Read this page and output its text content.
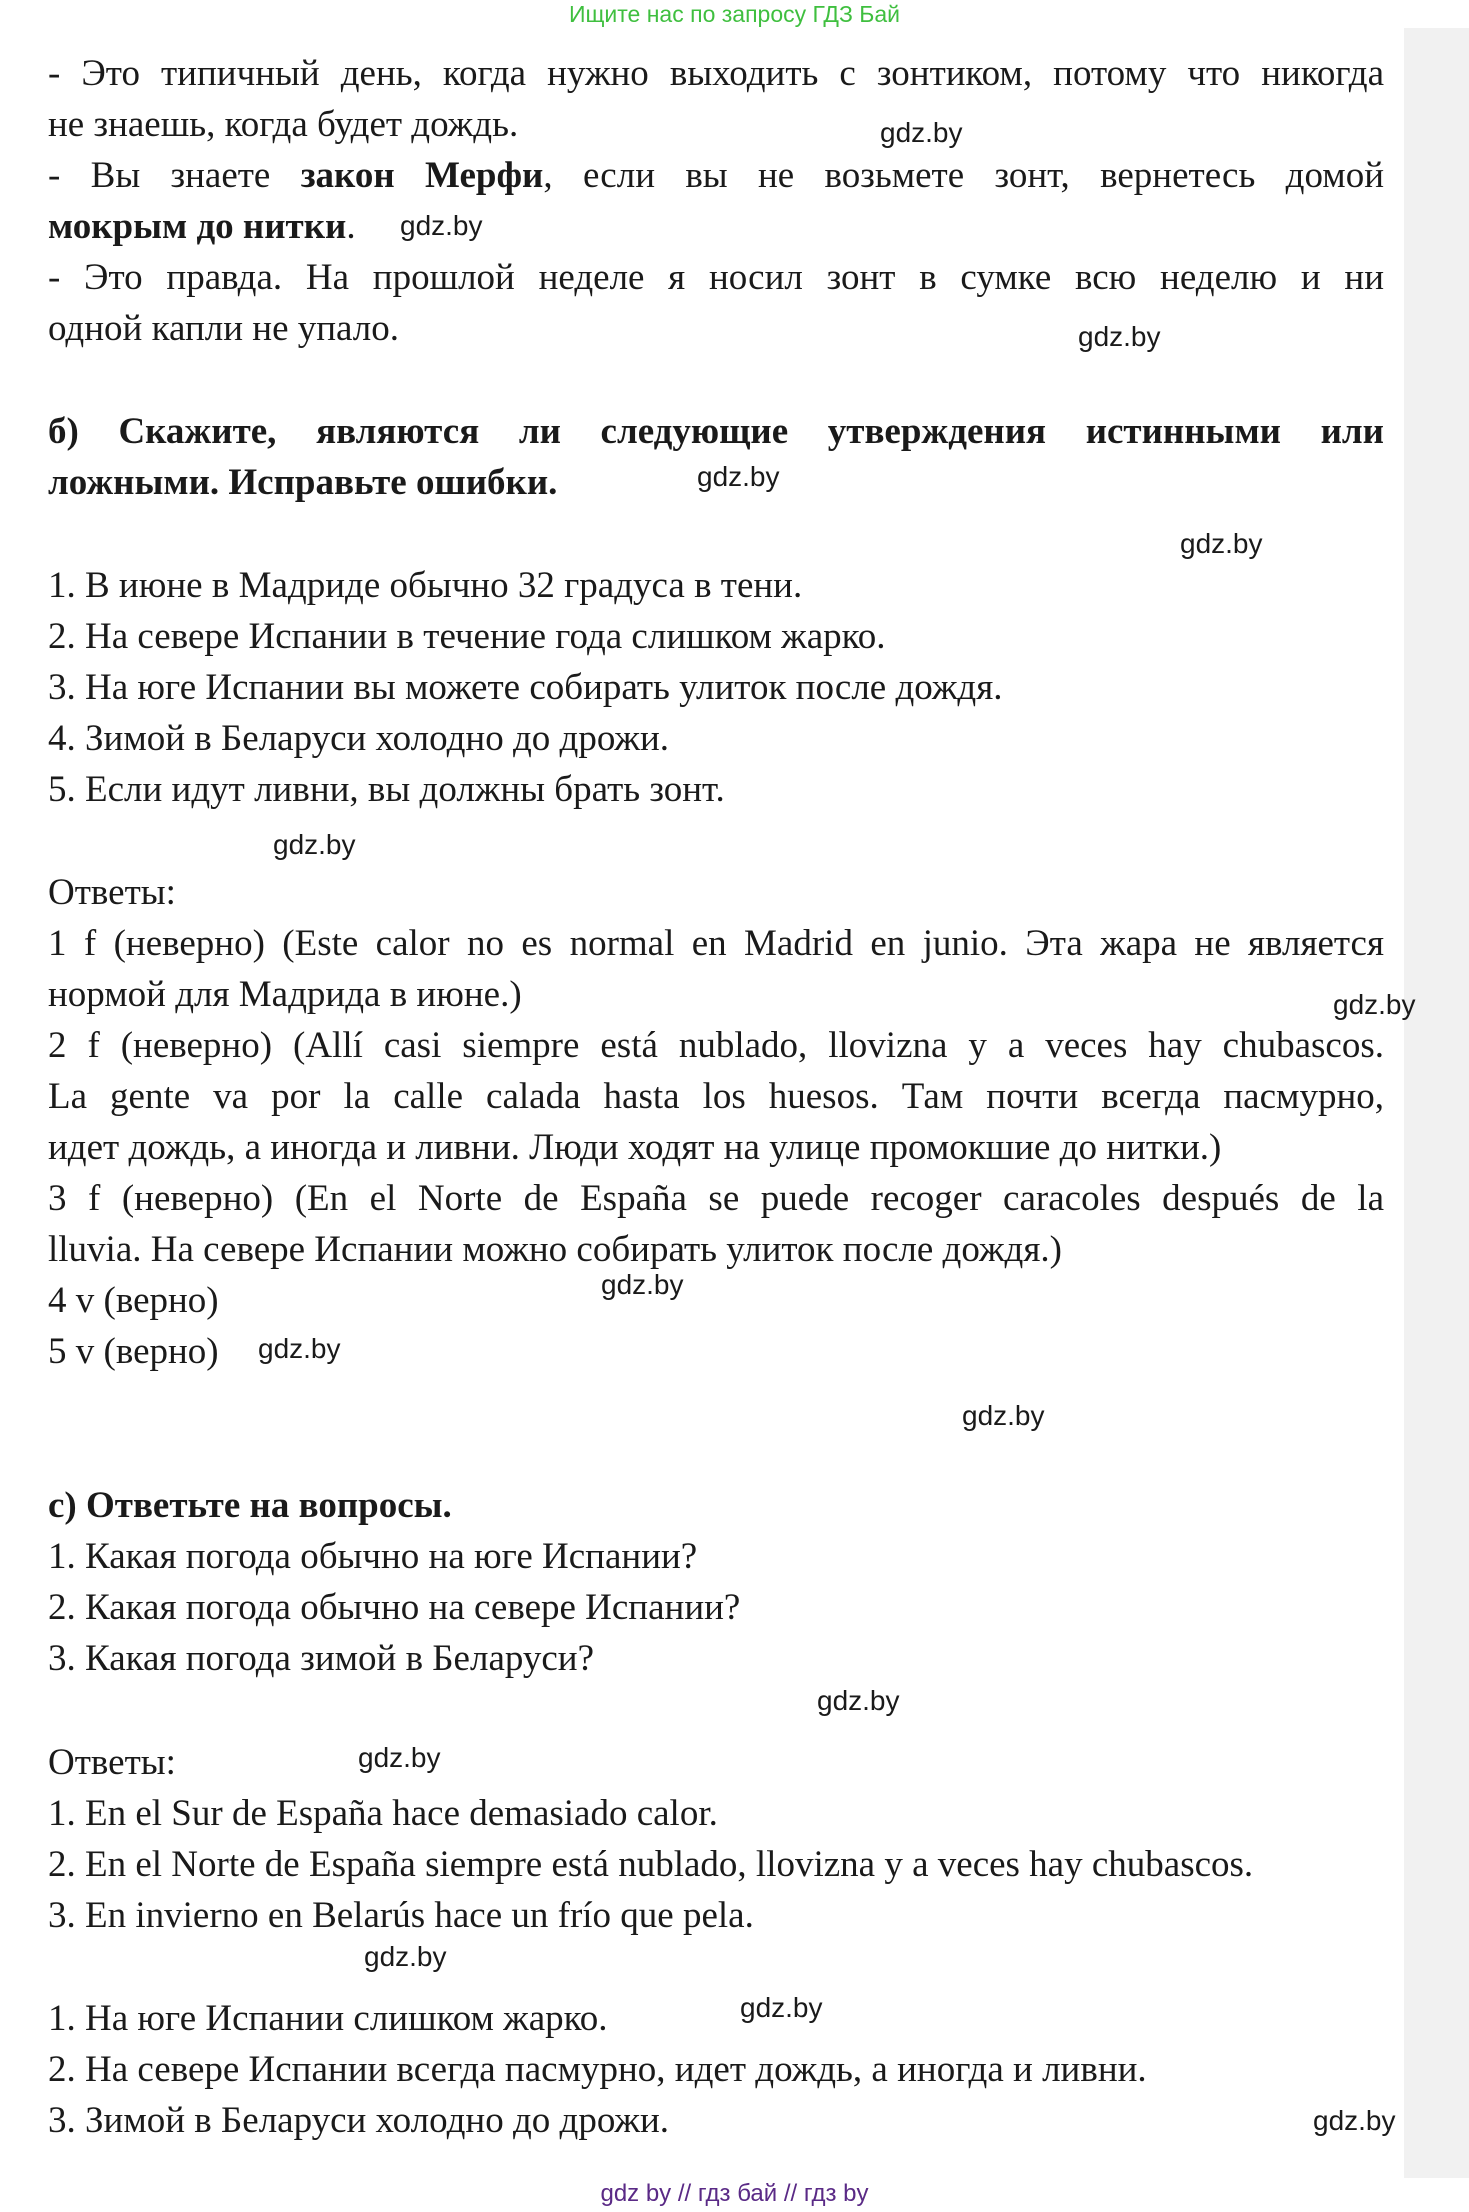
Ищите нас по запросу ГДЗ Бай
- Это типичный день, когда нужно выходить с зонтиком, потому что никогда
не знаешь, когда будет дождь.
- Вы знаете закон Мерфи, если вы не возьмете зонт, вернетесь домой
мокрым до нитки.
- Это правда. На прошлой неделе я носил зонт в сумке всю неделю и ни
одной капли не упало.
б) Скажите, являются ли следующие утверждения истинными или
ложными. Исправьте ошибки.
1. В июне в Мадриде обычно 32 градуса в тени.
2. На севере Испании в течение года слишком жарко.
3. На юге Испании вы можете собирать улиток после дождя.
4. Зимой в Беларуси холодно до дрожи.
5. Если идут ливни, вы должны брать зонт.
Ответы:
1 f (неверно) (Este calor no es normal en Madrid en junio. Эта жара не является
нормой для Мадрида в июне.)
2 f (неверно) (Allí casi siempre está nublado, llovizna y a veces hay chubascos.
La gente va por la calle calada hasta los huesos. Там почти всегда пасмурно,
идет дождь, а иногда и ливни. Люди ходят на улице промокшие до нитки.)
3 f (неверно) (En el Norte de España se puede recoger caracoles después de la
lluvia. На севере Испании можно собирать улиток после дождя.)
4 v (верно)
5 v (верно)
с) Ответьте на вопросы.
1. Какая погода обычно на юге Испании?
2. Какая погода обычно на севере Испании?
3. Какая погода зимой в Беларуси?
Ответы:
1. En el Sur de España hace demasiado calor.
2. En el Norte de España siempre está nublado, llovizna y a veces hay chubascos.
3. En invierno en Belarús hace un frío que pela.
1. На юге Испании слишком жарко.
2. На севере Испании всегда пасмурно, идет дождь, а иногда и ливни.
3. Зимой в Беларуси холодно до дрожи.
gdz.by
gdz.by
gdz.by
gdz.by
gdz.by
gdz.by
gdz.by
gdz.by
gdz.by
gdz.by
gdz.by
gdz.by
gdz.by
gdz.by
gdz.by
gdz by // гдз бай // гдз by
